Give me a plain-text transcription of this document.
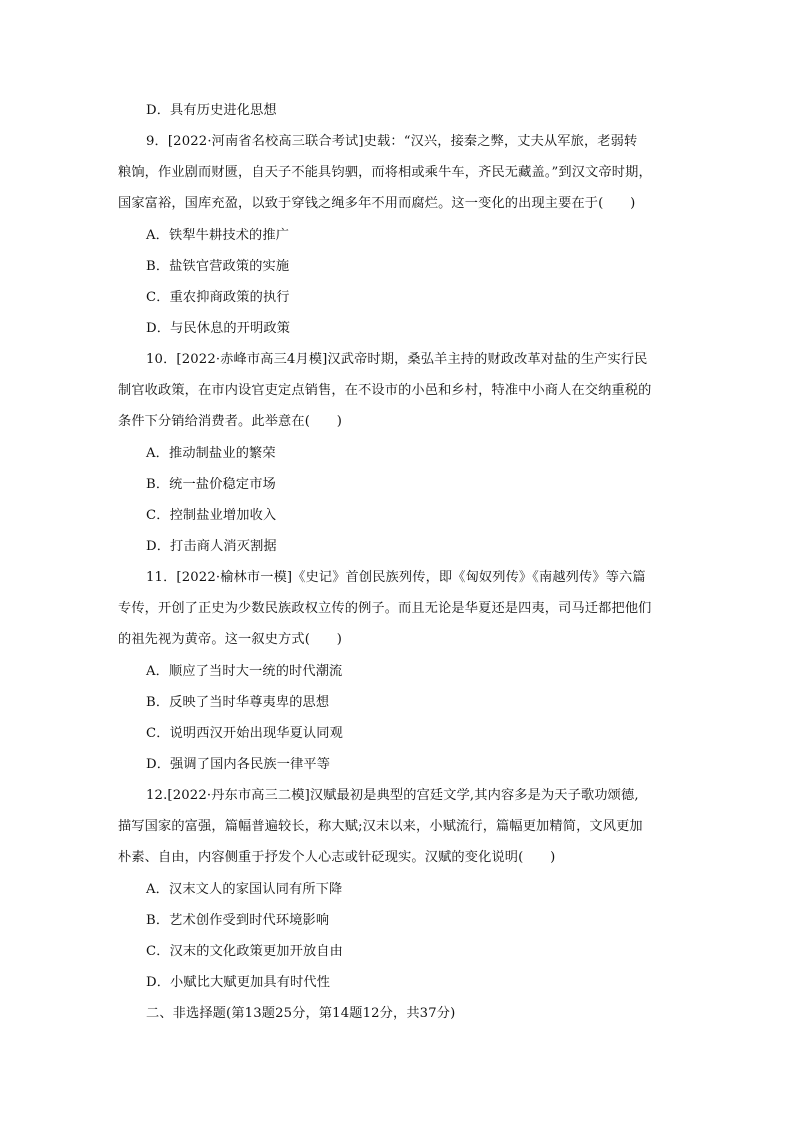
D．具有历史进化思想
9．[2022·河南省名校高三联合考试]史载：“汉兴，接秦之弊，丈夫从军旅，老弱转
粮饷，作业剧而财匮，自天子不能具钧驷，而将相或乘牛车，齐民无藏盖。”到汉文帝时期，
国家富裕，国库充盈，以致于穿钱之绳多年不用而腐烂。这一变化的出现主要在于(　　)
A．铁犁牛耕技术的推广
B．盐铁官营政策的实施
C．重农抑商政策的执行
D．与民休息的开明政策
10．[2022·赤峰市高三4月模]汉武帝时期，桑弘羊主持的财政改革对盐的生产实行民
制官收政策，在市内设官吏定点销售，在不设市的小邑和乡村，特准中小商人在交纳重税的
条件下分销给消费者。此举意在(　　)
A．推动制盐业的繁荣
B．统一盐价稳定市场
C．控制盐业增加收入
D．打击商人消灭割据
11．[2022·榆林市一模]《史记》首创民族列传，即《匈奴列传》《南越列传》等六篇
专传，开创了正史为少数民族政权立传的例子。而且无论是华夏还是四夷，司马迁都把他们
的祖先视为黄帝。这一叙史方式(　　)
A．顺应了当时大一统的时代潮流
B．反映了当时华尊夷卑的思想
C．说明西汉开始出现华夏认同观
D．强调了国内各民族一律平等
12.[2022·丹东市高三二模]汉赋最初是典型的宫廷文学,其内容多是为天子歌功颂德,
描写国家的富强，篇幅普遍较长，称大赋;汉末以来，小赋流行，篇幅更加精简，文风更加
朴素、自由，内容侧重于抒发个人心志或针砭现实。汉赋的变化说明(　　)
A．汉末文人的家国认同有所下降
B．艺术创作受到时代环境影响
C．汉末的文化政策更加开放自由
D．小赋比大赋更加具有时代性
二、非选择题(第13题25分，第14题12分，共37分)
